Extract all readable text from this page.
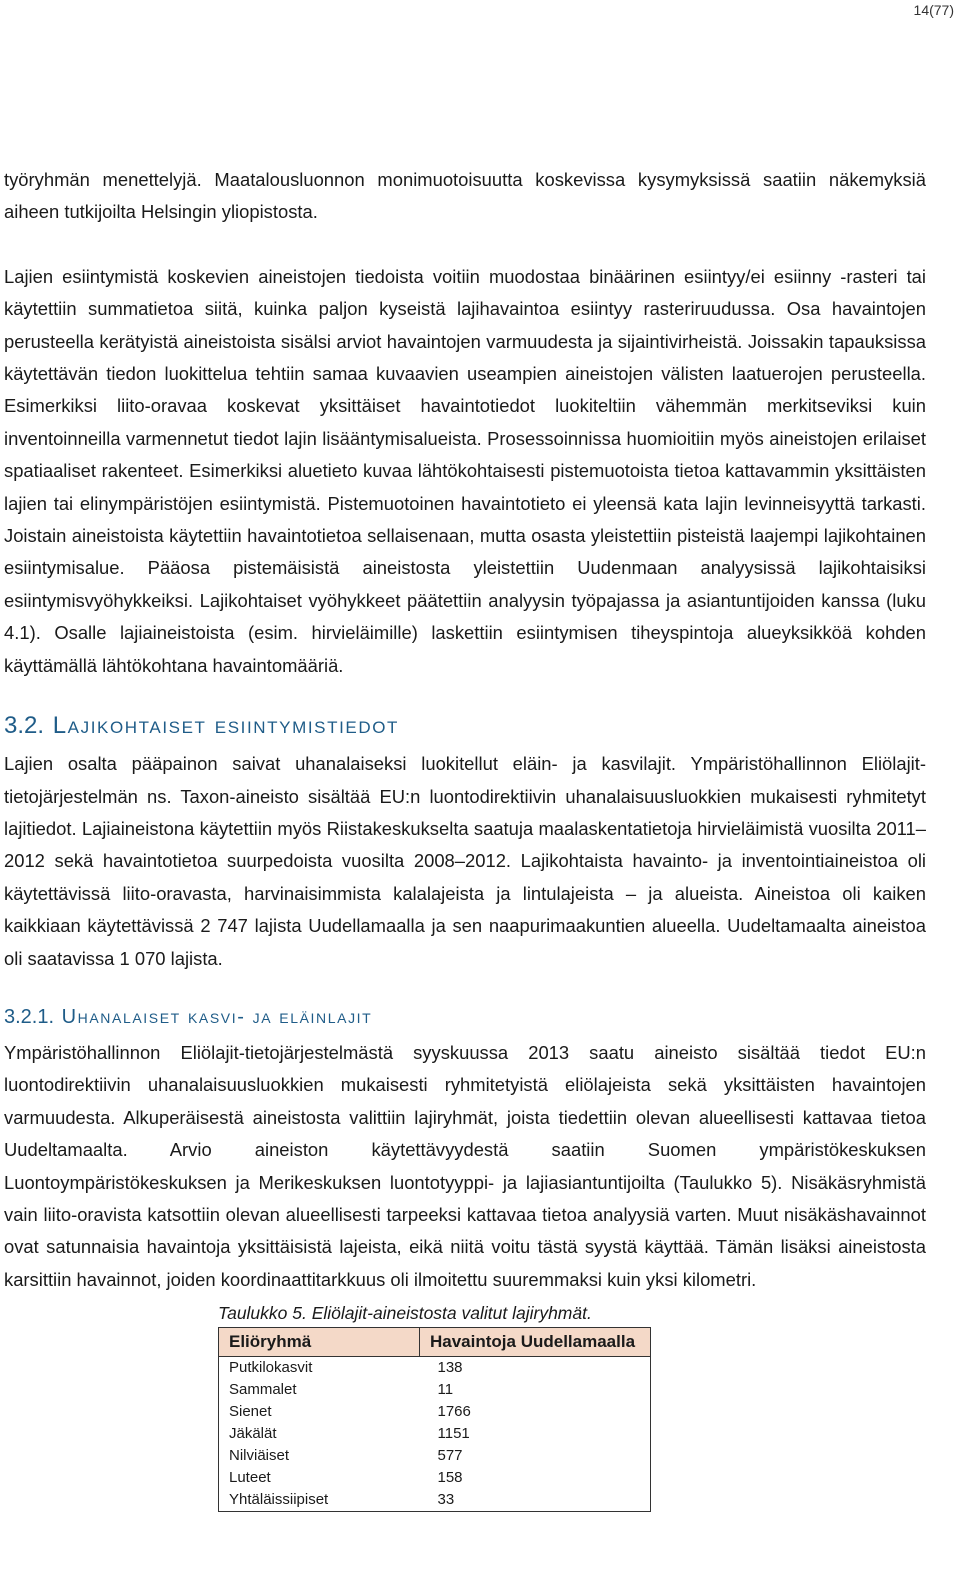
14(77)

työryhmän menettelyjä. Maatalousluonnon monimuotoisuutta koskevissa kysymyksissä saatiin näkemyksiä aiheen tutkijoilta Helsingin yliopistosta.

Lajien esiintymistä koskevien aineistojen tiedoista voitiin muodostaa binäärinen esiintyy/ei esiinny -rasteri tai käytettiin summatietoa siitä, kuinka paljon kyseistä lajihavaintoa esiintyy rasteriruudussa. Osa havaintojen perusteella kerätyistä aineistoista sisälsi arviot havaintojen varmuudesta ja sijaintivirheistä. Joissakin tapauksissa käytettävän tiedon luokittelua tehtiin samaa kuvaavien useampien aineistojen välisten laatuerojen perusteella. Esimerkiksi liito-oravaa koskevat yksittäiset havaintotiedot luokiteltiin vähemmän merkitseviksi kuin inventoinneilla varmennetut tiedot lajin lisääntymisalueista. Prosessoinnissa huomioitiin myös aineistojen erilaiset spatiaaliset rakenteet. Esimerkiksi aluetieto kuvaa lähtökohtaisesti pistemuotoista tietoa kattavammin yksittäisten lajien tai elinympäristöjen esiintymistä. Pistemuotoinen havaintotieto ei yleensä kata lajin levinneisyyttä tarkasti. Joistain aineistoista käytettiin havaintotietoa sellaisenaan, mutta osasta yleistettiin pisteistä laajempi lajikohtainen esiintymisalue. Pääosa pistemäisistä aineistosta yleistettiin Uudenmaan analyysissä lajikohtaisiksi esiintymisvyöhykkeiksi. Lajikohtaiset vyöhykkeet päätettiin analyysin työpajassa ja asiantuntijoiden kanssa (luku 4.1). Osalle lajiaineistoista (esim. hirvieläimille) laskettiin esiintymisen tiheyspintoja alueyksikköä kohden käyttämällä lähtökohtana havaintomääriä.

3.2. Lajikohtaiset esiintymistiedot

Lajien osalta pääpainon saivat uhanalaiseksi luokitellut eläin- ja kasvilajit. Ympäristöhallinnon Eliölajit-tietojärjestelmän ns. Taxon-aineisto sisältää EU:n luontodirektiivin uhanalaisuusluokkien mukaisesti ryhmitetyt lajitiedot. Lajiaineistona käytettiin myös Riistakeskukselta saatuja maalaskentatietoja hirvieläimistä vuosilta 2011–2012 sekä havaintotietoa suurpedoista vuosilta 2008–2012. Lajikohtaista havainto- ja inventointiaineistoa oli käytettävissä liito-oravasta, harvinaisimmista kalalajeista ja lintulajeista – ja alueista. Aineistoa oli kaiken kaikkiaan käytettävissä 2 747 lajista Uudellamaalla ja sen naapurimaakuntien alueella. Uudeltamaalta aineistoa oli saatavissa 1 070 lajista.

3.2.1. Uhanalaiset kasvi- ja eläinlajit

Ympäristöhallinnon Eliölajit-tietojärjestelmästä syyskuussa 2013 saatu aineisto sisältää tiedot EU:n luontodirektiivin uhanalaisuusluokkien mukaisesti ryhmitetyistä eliölajeista sekä yksittäisten havaintojen varmuudesta. Alkuperäisestä aineistosta valittiin lajiryhmät, joista tiedettiin olevan alueellisesti kattavaa tietoa Uudeltamaalta. Arvio aineiston käytettävyydestä saatiin Suomen ympäristökeskuksen Luontoympäristökeskuksen ja Merikeskuksen luontotyyppi- ja lajiasiantuntijoilta (Taulukko 5). Nisäkäsryhmistä vain liito-oravista katsottiin olevan alueellisesti tarpeeksi kattavaa tietoa analyysiä varten. Muut nisäkäshavainnot ovat satunnaisia havaintoja yksittäisistä lajeista, eikä niitä voitu tästä syystä käyttää. Tämän lisäksi aineistosta karsittiin havainnot, joiden koordinaattitarkkuus oli ilmoitettu suuremmaksi kuin yksi kilometri.

Taulukko 5. Eliölajit-aineistosta valitut lajiryhmät.
Eliöryhmä	Havaintoja Uudellamaalla
Putkilokasvit	138
Sammalet	11
Sienet	1766
Jäkälät	1151
Nilviäiset	577
Luteet	158
Yhtäläissiipiset	33
